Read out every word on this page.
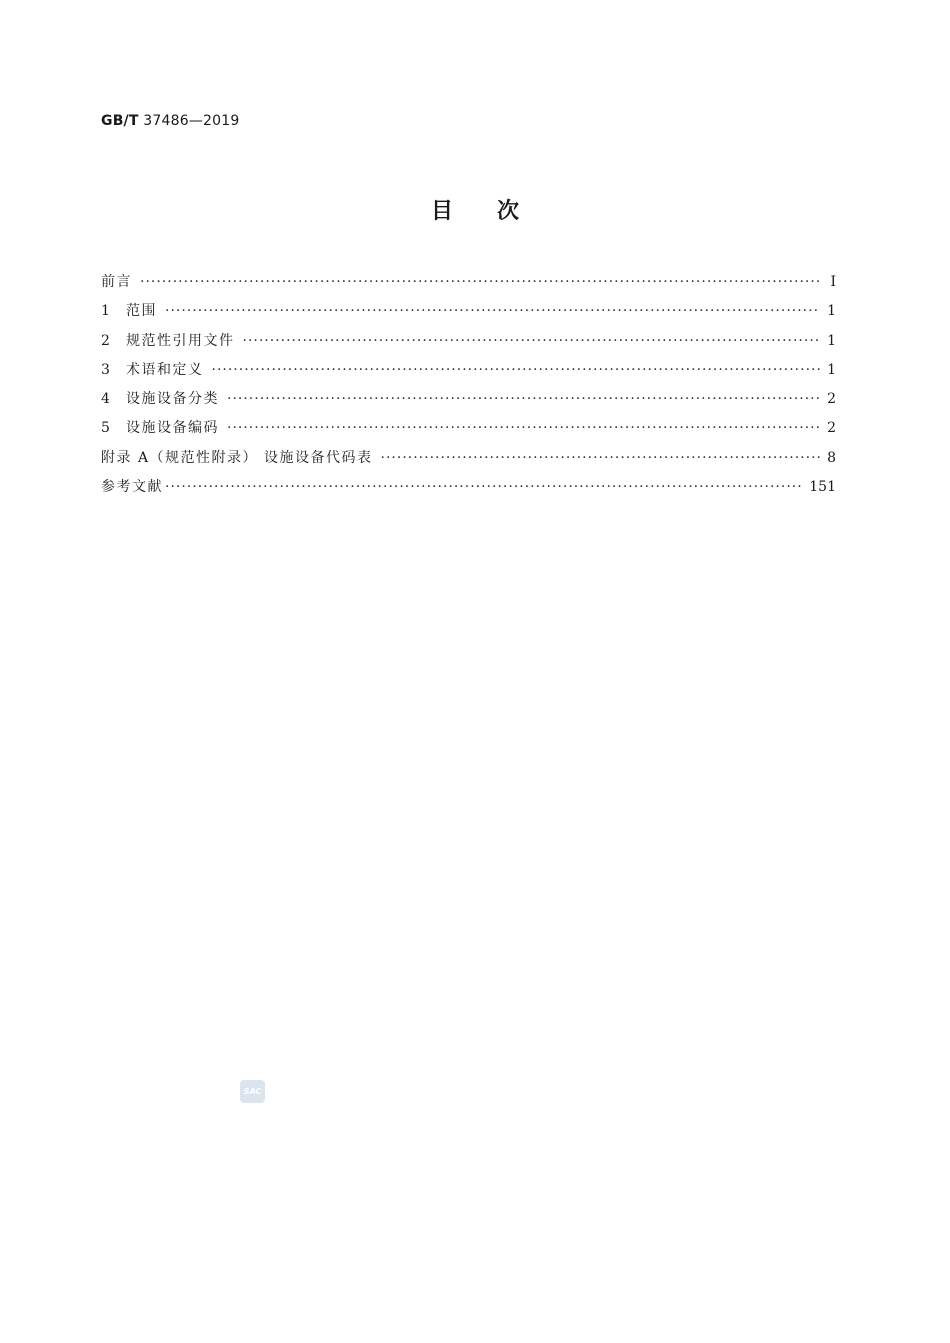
GB/T 37486—2019
目次
前言 ·····	Ⅰ
1	范围 ·····	1
2	规范性引用文件 ·····	1
3	术语和定义 ·····	1
4	设施设备分类 ·····	2
5	设施设备编码 ·····	2
附录 A（规范性附录） 设施设备代码表 ·····	8
参考文献 ·····	151
SAC
